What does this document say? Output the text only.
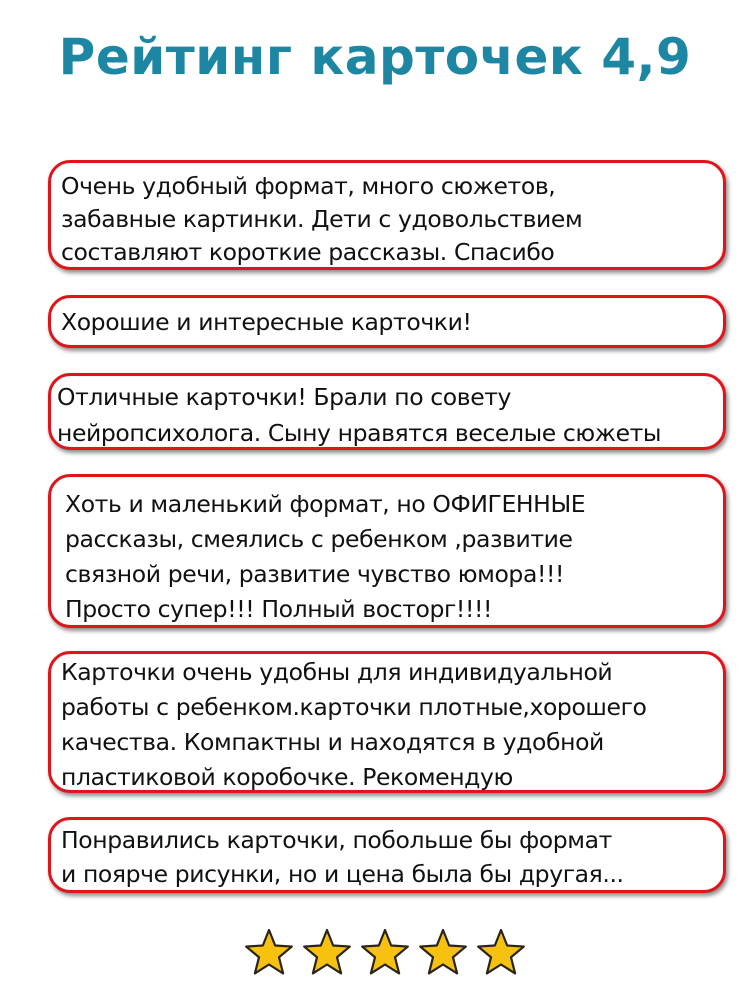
Рейтинг карточек 4,9

Очень удобный формат, много сюжетов,
забавные картинки. Дети с удовольствием
составляют короткие рассказы. Спасибо

Хорошие и интересные карточки!

Отличные карточки! Брали по совету
нейропсихолога. Сыну нравятся веселые сюжеты

Хоть и маленький формат, но ОФИГЕННЫЕ
рассказы, смеялись с ребенком ,развитие
связной речи, развитие чувство юмора!!!
Просто супер!!! Полный восторг!!!!

Карточки очень удобны для индивидуальной
работы с ребенком.карточки плотные,хорошего
качества. Компактны и находятся в удобной
пластиковой коробочке. Рекомендую

Понравились карточки, побольше бы формат
и поярче рисунки, но и цена была бы другая...
